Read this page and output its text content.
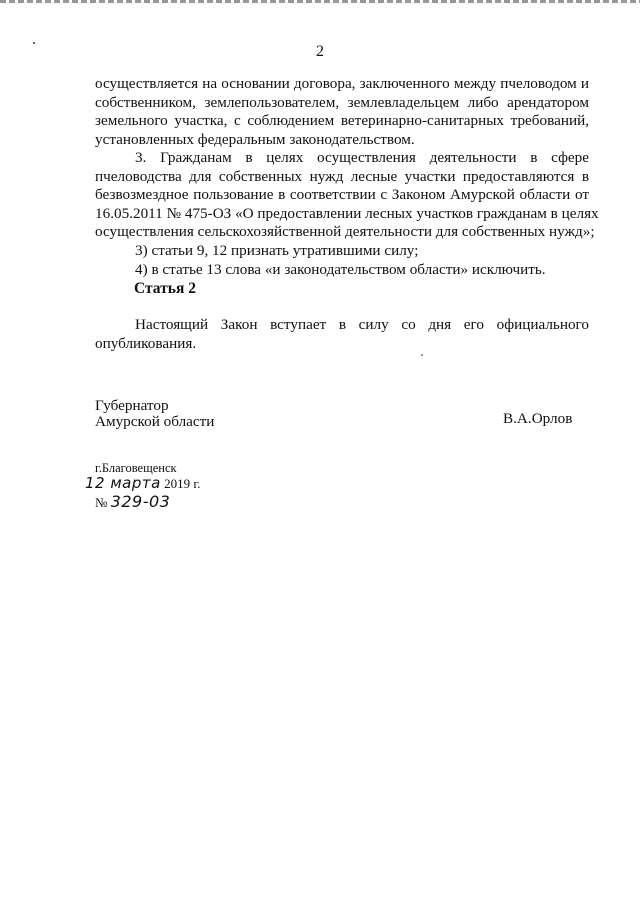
2

осуществляется на основании договора, заключенного между пчеловодом и
собственником, землепользователем, землевладельцем либо арендатором
земельного участка, с соблюдением ветеринарно-санитарных требований,
установленных федеральным законодательством.

3. Гражданам в целях осуществления деятельности в сфере
пчеловодства для собственных нужд лесные участки предоставляются в
безвозмездное пользование в соответствии с Законом Амурской области от
16.05.2011 № 475-ОЗ «О предоставлении лесных участков гражданам в целях
осуществления сельскохозяйственной деятельности для собственных нужд»;

3) статьи 9, 12 признать утратившими силу;

4) в статье 13 слова «и законодательством области» исключить.

Статья 2

Настоящий Закон вступает в силу со дня его официального
опубликования.

Губернатор
Амурской области	В.А.Орлов
г.Благовещенск
12 марта 2019 г.
№ 329-03
